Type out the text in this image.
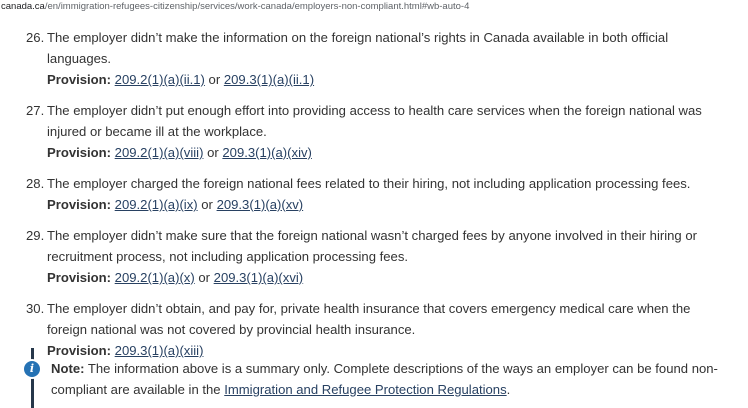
canada.ca/en/immigration-refugees-citizenship/services/work-canada/employers-non-compliant.html#wb-auto-4
26. The employer didn’t make the information on the foreign national’s rights in Canada available in both official languages.
Provision: 209.2(1)(a)(ii.1) or 209.3(1)(a)(ii.1)
27. The employer didn’t put enough effort into providing access to health care services when the foreign national was injured or became ill at the workplace.
Provision: 209.2(1)(a)(viii) or 209.3(1)(a)(xiv)
28. The employer charged the foreign national fees related to their hiring, not including application processing fees.
Provision: 209.2(1)(a)(ix) or 209.3(1)(a)(xv)
29. The employer didn’t make sure that the foreign national wasn’t charged fees by anyone involved in their hiring or recruitment process, not including application processing fees.
Provision: 209.2(1)(a)(x) or 209.3(1)(a)(xvi)
30. The employer didn’t obtain, and pay for, private health insurance that covers emergency medical care when the foreign national was not covered by provincial health insurance.
Provision: 209.3(1)(a)(xiii)
i	Note: The information above is a summary only. Complete descriptions of the ways an employer can be found non-compliant are available in the Immigration and Refugee Protection Regulations.
